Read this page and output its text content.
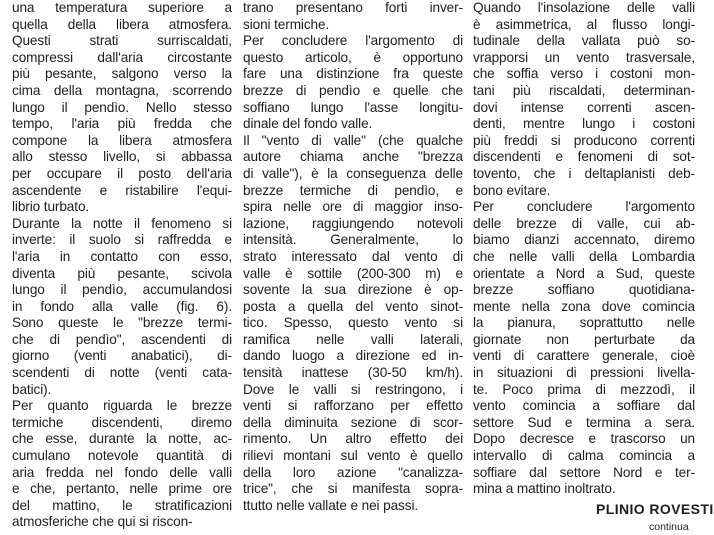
una temperatura superiore a
quella della libera atmosfera.
Questi strati surriscaldati,
compressi dall'aria circostante
più pesante, salgono verso la
cima della montagna, scorrendo
lungo il pendìo. Nello stesso
tempo, l'aria più fredda che
compone la libera atmosfera
allo stesso livello, si abbassa
per occupare il posto dell'aria
ascendente e ristabilire l'equi-
librio turbato.
Durante la notte il fenomeno si
inverte: il suolo si raffredda e
l'aria in contatto con esso,
diventa più pesante, scivola
lungo il pendìo, accumulandosi
in fondo alla valle (fig. 6).
Sono queste le "brezze termi-
che di pendìo", ascendenti di
giorno (venti anabatici), di-
scendenti di notte (venti cata-
batici).
Per quanto riguarda le brezze
termiche discendenti, diremo
che esse, durante la notte, ac-
cumulano notevole quantità di
aria fredda nel fondo delle valli
e che, pertanto, nelle prime ore
del mattino, le stratificazioni
atmosferiche che qui si riscon-
trano presentano forti inver-
sioni termiche.
Per concludere l'argomento di
questo articolo, è opportuno
fare una distinzione fra queste
brezze di pendìo e quelle che
soffiano lungo l'asse longitu-
dinale del fondo valle.
Il "vento di valle" (che qualche
autore chiama anche "brezza
di valle"), è la conseguenza delle
brezze termiche di pendìo, e
spira nelle ore di maggior inso-
lazione, raggiungendo notevoli
intensità. Generalmente, lo
strato interessato dal vento di
valle è sottile (200-300 m) e
sovente la sua direzione è op-
posta a quella del vento sinot-
tico. Spesso, questo vento si
ramifica nelle valli laterali,
dando luogo a direzione ed in-
tensità inattese (30-50 km/h).
Dove le valli si restringono, i
venti si rafforzano per effetto
della diminuita sezione di scor-
rimento. Un altro effetto dei
rilievi montani sul vento è quello
della loro azione "canalizza-
trice", che si manifesta sopra-
ttutto nelle vallate e nei passi.
Quando l'insolazione delle valli
è asimmetrica, al flusso longi-
tudinale della vallata può so-
vrapporsi un vento trasversale,
che soffia verso i costoni mon-
tani più riscaldati, determinan-
dovi intense correnti ascen-
denti, mentre lungo i costoni
più freddi si producono correnti
discendenti e fenomeni di sot-
tovento, che i deltaplanisti deb-
bono evitare.
Per concludere l'argomento
delle brezze di valle, cui ab-
biamo dianzi accennato, diremo
che nelle valli della Lombardia
orientate a Nord a Sud, queste
brezze soffiano quotidiana-
mente nella zona dove comincia
la pianura, soprattutto nelle
giornate non perturbate da
venti di carattere generale, cioè
in situazioni di pressioni livella-
te. Poco prima di mezzodì, il
vento comincia a soffiare dal
settore Sud e termina a sera.
Dopo decresce e trascorso un
intervallo di calma comincia a
soffiare dal settore Nord e ter-
mina a mattino inoltrato.
PLINIO ROVESTI
continua
